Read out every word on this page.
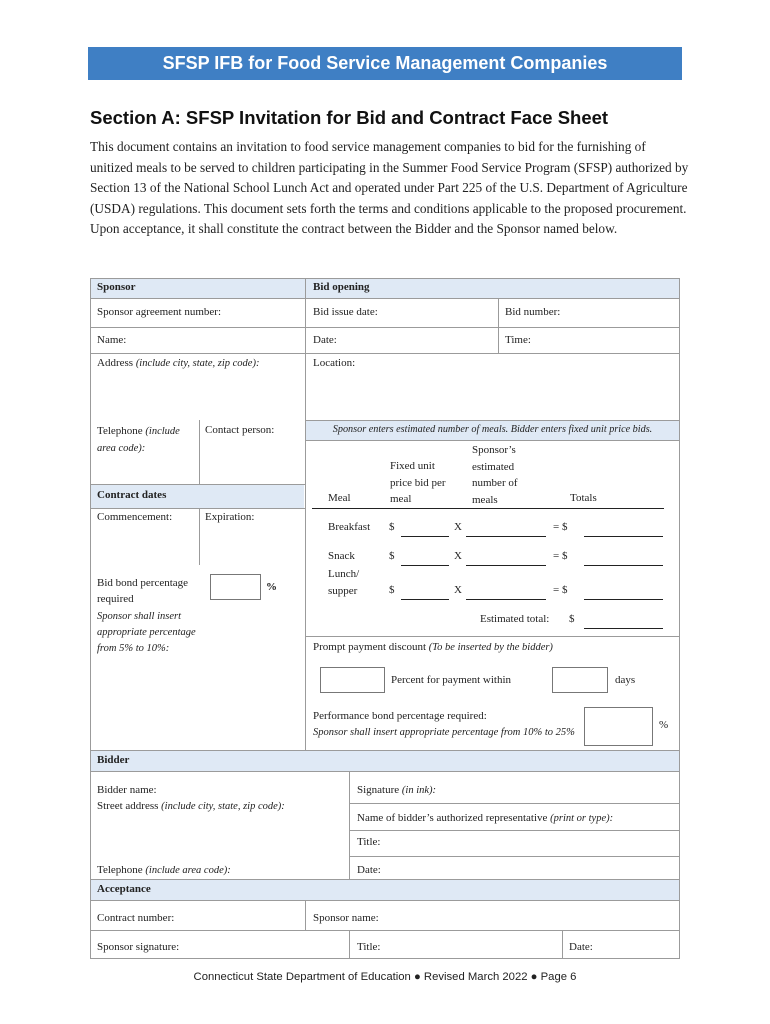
SFSP IFB for Food Service Management Companies
Section A: SFSP Invitation for Bid and Contract Face Sheet
This document contains an invitation to food service management companies to bid for the furnishing of unitized meals to be served to children participating in the Summer Food Service Program (SFSP) authorized by Section 13 of the National School Lunch Act and operated under Part 225 of the U.S. Department of Agriculture (USDA) regulations. This document sets forth the terms and conditions applicable to the proposed procurement. Upon acceptance, it shall constitute the contract between the Bidder and the Sponsor named below.
Sponsor
Sponsor agreement number:
Name:
Address (include city, state, zip code):
Telephone (include area code):
Contact person:
Contract dates
Commencement:	Expiration:
Bid bond percentage required
%
Sponsor shall insert appropriate percentage from 5% to 10%:
Bid opening
Bid issue date:	Bid number:
Date:	Time:
Location:
Sponsor enters estimated number of meals. Bidder enters fixed unit price bids.
Meal
Fixed unit price bid per meal
Sponsor’s estimated number of meals	Totals
Breakfast $	X	= $
Snack	$	X	= $
Lunch/ supper	$	X	= $
Estimated total: $
Prompt payment discount (To be inserted by the bidder)
Percent for payment within	days
Performance bond percentage required:
Sponsor shall insert appropriate percentage from 10% to 25%
%
Bidder
Bidder name:
Street address (include city, state, zip code):
Telephone (include area code):
Signature (in ink):
Name of bidder’s authorized representative (print or type):
Title:
Date:
Acceptance
Contract number:	Sponsor name:
Sponsor signature:	Title:	Date:
Connecticut State Department of Education ● Revised March 2022 ● Page 6
